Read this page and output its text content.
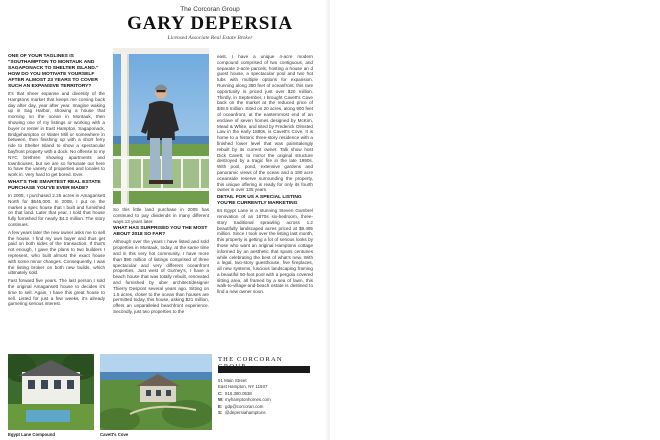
The Corcoran Group
GARY DEPERSIA
Licensed Associate Real Estate Broker
ONE OF YOUR TAGLINES IS "SOUTHAMPTON TO MONTAUK AND SAGAPONACK TO SHELTER ISLAND." HOW DO YOU MOTIVATE YOURSELF AFTER ALMOST 23 YEARS TO COVER SUCH AN EXPANSIVE TERRITORY?

It's that sheer expanse and diversity of the Hamptons market that keeps me coming back day after day, year after year. Imagine waking up in Sag Harbor, showing a house that morning on the ocean in Montauk, then showing one of my listings or working with a buyer or renter in East Hampton, Sagaponack, Bridgehampton or Water Mill or somewhere in between, then finishing up with a short ferry ride to Shelter Island to show a spectacular bayfront property with a dock. No offense to my NYC brethren showing apartments and townhouses, but we are so fortunate out here to have the variety of properties and locales to work in. Very hard to get bored. Ever.

WHAT'S THE SMARTEST REAL ESTATE PURCHASE YOU'VE EVER MADE?

In 2005, I purchased 2.25 acres in Amagansett North for $645,000. In 2008, I put on the market a spec house that I built and furnished on that land. Later that year, I sold that house fully furnished for nearly $4.2 million. The story continues.

A few years later the new owner asks me to sell the house. I find my own buyer and thus get paid on both sides of the transaction. If that's not enough, I gave the plans to two builders I represent, who built almost the exact house with some minor changes. Consequently, I was the listing broker on both new builds, which ultimately sold.

Fast forward five years. The last person I sold the original Amagansett house to decides it's time to sell. Again, I have this great house to sell. Listed for just a few weeks, it's already garnering serious interest.

So this little land purchase in 2005 has continued to pay dividends in many different ways 13 years later.

WHAT HAS SURPRISED YOU THE MOST ABOUT 2018 SO FAR?

Although over the years I have listed and sold properties in Montauk, today, at the same time and in this very hot community, I have more than $90 million of listings comprised of three spectacular and very different oceanfront properties. Just west of Gurney's, I have a beach house that was totally rebuilt, renovated and furnished by uber architect/designer Thierry Despont several years ago. Sitting on 1.5 acres, closer to the ocean than houses are permitted today, this house, asking $21 million, offers an unparalleled beachfront experience. Secondly, just two properties to the

east, I have a unique 4-acre modern compound comprised of two contiguous, and separate 2-acre parcels, hosting a house an d guest house, a spectacular pool and two hot tubs with multiple options for expansion. Running along 380 feet of oceanfront, this rare opportunity is priced just over $20 million. Thirdly, in September, I brought Cavett's Cove back on the market at the reduced price of $48.5 million. Sited on 20 acres, along 900 feet of oceanfront, at the easternmost end of an enclave of seven homes designed by McKim, Mead & White, and sited by Frederick Olmsted Law in the early 1880s, is Cavett's Cove. It is home to a historic three-story residence with a finished lower level that was painstakingly rebuilt by its current owner. Talk show host Dick Cavett, to mirror the original structure destroyed by a tragic fire in the late 1990s. With pool, pond, extensive gardens and panoramic views of the ocean and a 190 acre oceanside reserve surrounding the property, this unique offering is ready for only its fourth owner in over 135 years.

DETAIL FOR US A SPECIAL LISTING YOU'RE CURRENTLY MARKETING

84 Egypt Lane is a stunning Steven Gambrel renovation of an 1870s six-bedroom, three-story traditional sprawling across 1.2 beautifully landscaped acres priced at $8.495 million. Since I took over the listing last month, this property is getting a lot of serious looks by those who want an original Hamptons cottage informed by an aesthetic that spans centuries while celebrating the best of what's new. With a legal, two-story guesthouse, five fireplaces, all new systems, luscious landscaping framing a beautiful 50-foot pool with a pergola covered sitting area, all framed by a sea of lawn, this walk-to-village-and-beach estate is destined to find a new owner soon.

Egypt Lane Compound	Cavett's Cove
THE CORCORAN
51 Main Street
East Hampton, NY 11937
C: 516.380.0538
W: myhamptonhomes.com
E: gdp@corcoran.com
S: @depersiahamptons
